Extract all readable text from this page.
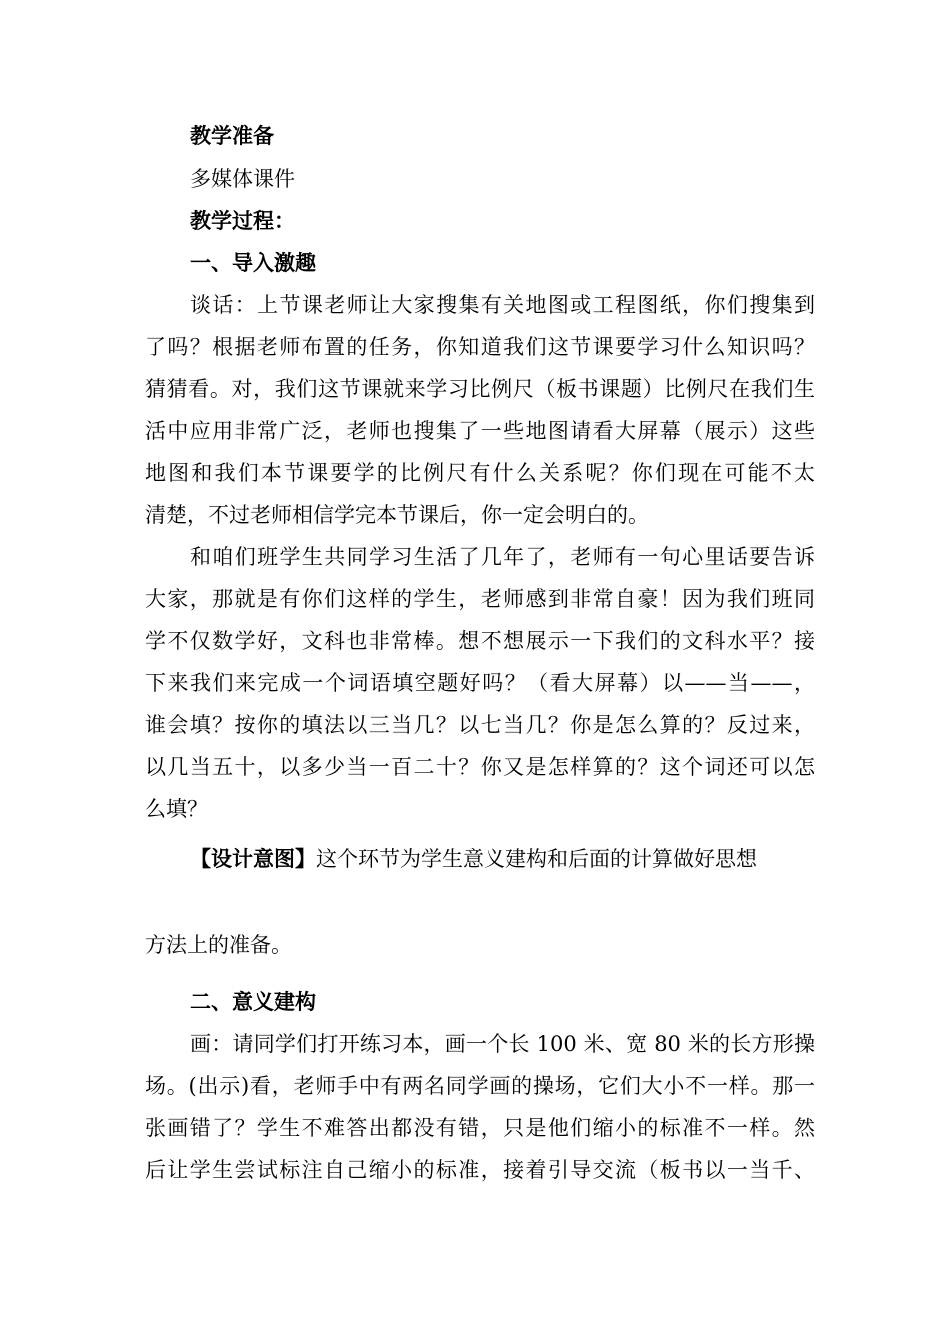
教学准备
多媒体课件
教学过程：
一、导入激趣
谈话：上节课老师让大家搜集有关地图或工程图纸，你们搜集到
了吗？根据老师布置的任务，你知道我们这节课要学习什么知识吗？
猜猜看。对，我们这节课就来学习比例尺（板书课题）比例尺在我们生
活中应用非常广泛，老师也搜集了一些地图请看大屏幕（展示）这些
地图和我们本节课要学的比例尺有什么关系呢？你们现在可能不太
清楚，不过老师相信学完本节课后，你一定会明白的。
和咱们班学生共同学习生活了几年了，老师有一句心里话要告诉
大家，那就是有你们这样的学生，老师感到非常自豪！因为我们班同
学不仅数学好，文科也非常棒。想不想展示一下我们的文科水平？接
下来我们来完成一个词语填空题好吗？（看大屏幕）以——当——，
谁会填？按你的填法以三当几？以七当几？你是怎么算的？反过来，
以几当五十，以多少当一百二十？你又是怎样算的？这个词还可以怎
么填？
【设计意图】这个环节为学生意义建构和后面的计算做好思想
方法上的准备。
二、意义建构
画：请同学们打开练习本，画一个长 100 米、宽 80 米的长方形操
场。(出示)看，老师手中有两名同学画的操场，它们大小不一样。那一
张画错了？学生不难答出都没有错，只是他们缩小的标准不一样。然
后让学生尝试标注自己缩小的标准，接着引导交流（板书以一当千、
